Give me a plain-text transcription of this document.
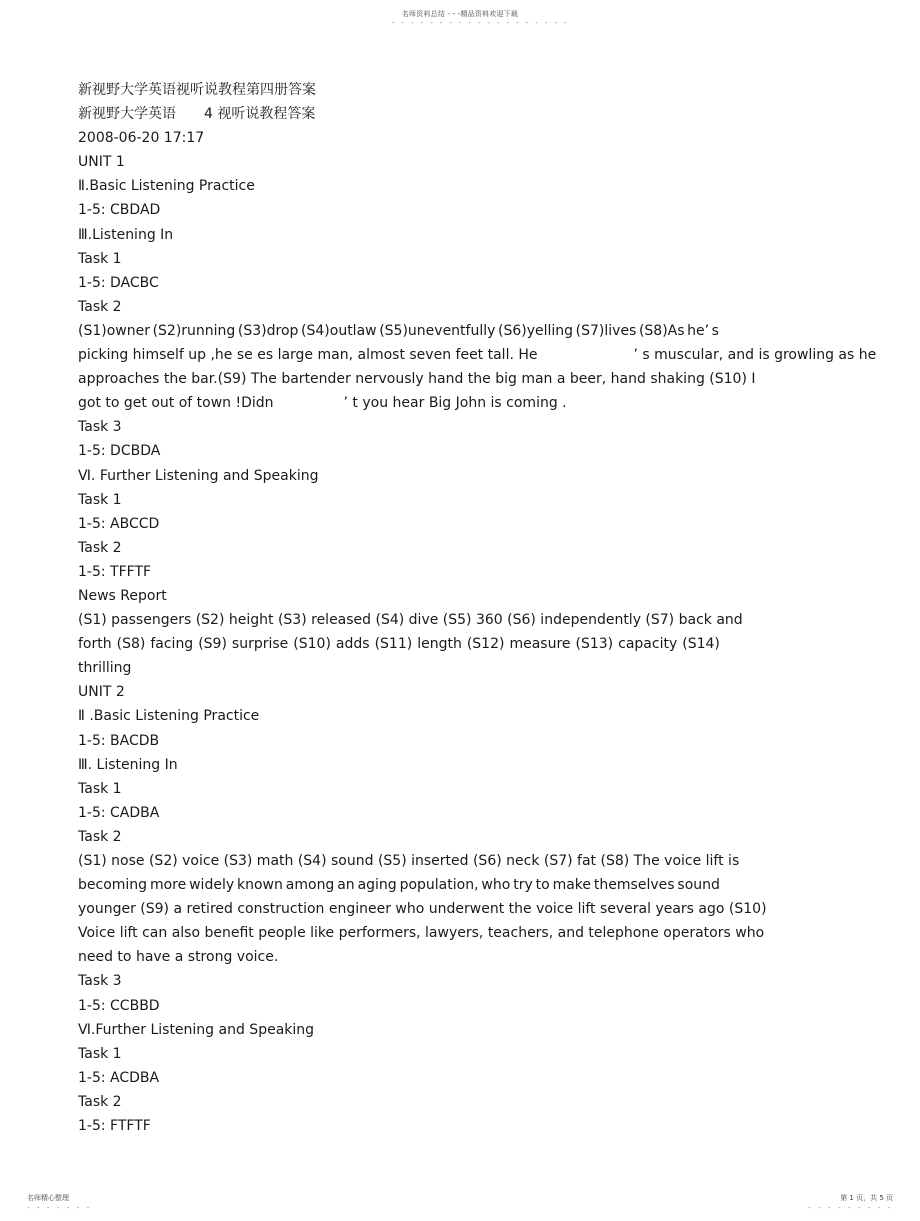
名师资料总结 - - -精品资料欢迎下载
- - - - - - - - - - - - - - - - - - -
新视野大学英语视听说教程第四册答案
新视野大学英语 4 视听说教程答案
2008-06-20 17:17
UNIT 1
Ⅱ.Basic Listening Practice
1-5: CBDAD
Ⅲ.Listening In
Task 1
1-5: DACBC
Task 2
(S1)owner (S2)running (S3)drop (S4)outlaw (S5)uneventfully (S6)yelling (S7)lives (S8)As he’ s
picking himself up ,he se es large man, almost seven feet tall. He	’ s muscular, and is growling as he
approaches the bar.(S9) The bartender nervously hand the big man a beer, hand shaking (S10) I
got to get out of town !Didn	’ t you hear Big John is coming .
Task 3
1-5: DCBDA
Ⅵ. Further Listening and Speaking
Task 1
1-5: ABCCD
Task 2
1-5: TFFTF
News Report
(S1) passengers (S2) height (S3) released (S4) dive (S5) 360 (S6) independently (S7) back and
forth (S8) facing (S9) surprise (S10) adds (S11) length (S12) measure (S13) capacity (S14)
thrilling
UNIT 2
Ⅱ .Basic Listening Practice
1-5: BACDB
Ⅲ. Listening In
Task 1
1-5: CADBA
Task 2
(S1) nose (S2) voice (S3) math (S4) sound (S5) inserted (S6) neck (S7) fat (S8) The voice lift is
becoming more widely known among an aging population, who try to make themselves sound
younger (S9) a retired construction engineer who underwent the voice lift several years ago (S10)
Voice lift can also benefit people like performers, lawyers, teachers, and telephone operators who
need to have a strong voice.
Task 3
1-5: CCBBD
Ⅵ.Further Listening and Speaking
Task 1
1-5: ACDBA
Task 2
1-5: FTFTF
名师精心整理
- - - - - - -
第 1 页，共 5 页
- - - - - - - - -
